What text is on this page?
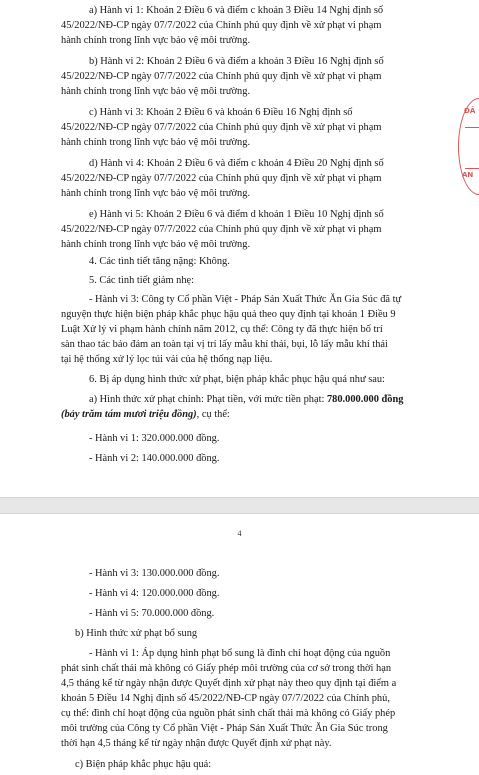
a) Hành vi 1: Khoản 2 Điều 6 và điểm c khoản 3 Điều 14 Nghị định số
45/2022/NĐ-CP ngày 07/7/2022 của Chính phủ quy định về xử phạt vi phạm
hành chính trong lĩnh vực bảo vệ môi trường.
b) Hành vi 2: Khoản 2 Điều 6 và điểm a khoản 3 Điều 16 Nghị định số
45/2022/NĐ-CP ngày 07/7/2022 của Chính phủ quy định về xử phạt vi phạm
hành chính trong lĩnh vực bảo vệ môi trường.
c) Hành vi 3: Khoản 2 Điều 6 và khoản 6 Điều 16 Nghị định số
45/2022/NĐ-CP ngày 07/7/2022 của Chính phủ quy định về xử phạt vi phạm
hành chính trong lĩnh vực bảo vệ môi trường.
d) Hành vi 4: Khoản 2 Điều 6 và điểm c khoản 4 Điều 20 Nghị định số
45/2022/NĐ-CP ngày 07/7/2022 của Chính phủ quy định về xử phạt vi phạm
hành chính trong lĩnh vực bảo vệ môi trường.
e) Hành vi 5: Khoản 2 Điều 6 và điểm d khoản 1 Điều 10 Nghị định số
45/2022/NĐ-CP ngày 07/7/2022 của Chính phủ quy định về xử phạt vi phạm
hành chính trong lĩnh vực bảo vệ môi trường.
4. Các tình tiết tăng nặng: Không.
5. Các tình tiết giảm nhẹ:
- Hành vi 3: Công ty Cổ phần Việt - Pháp Sản Xuất Thức Ăn Gia Súc đã tự
nguyện thực hiện biện pháp khắc phục hậu quả theo quy định tại khoản 1 Điều 9
Luật Xử lý vi phạm hành chính năm 2012, cụ thể: Công ty đã thực hiện bố trí
sàn thao tác bảo đảm an toàn tại vị trí lấy mẫu khí thải, bụi, lỗ lấy mẫu khí thải
tại hệ thống xử lý lọc túi vải của hệ thống nạp liệu.
6. Bị áp dụng hình thức xử phạt, biện pháp khắc phục hậu quả như sau:
a) Hình thức xử phạt chính: Phạt tiền, với mức tiền phạt: 780.000.000 đồng
(bảy trăm tám mươi triệu đồng), cụ thể:
- Hành vi 1: 320.000.000 đồng.
- Hành vi 2: 140.000.000 đồng.
ĐÃ
AN
4
- Hành vi 3: 130.000.000 đồng.
- Hành vi 4: 120.000.000 đồng.
- Hành vi 5: 70.000.000 đồng.
b) Hình thức xử phạt bổ sung
- Hành vi 1: Áp dụng hình phạt bổ sung là đình chỉ hoạt động của nguồn
phát sinh chất thải mà không có Giấy phép môi trường của cơ sở trong thời hạn
4,5 tháng kể từ ngày nhận được Quyết định xử phạt này theo quy định tại điểm a
khoản 5 Điều 14 Nghị định số 45/2022/NĐ-CP ngày 07/7/2022 của Chính phủ,
cụ thể: đình chỉ hoạt động của nguồn phát sinh chất thải mà không có Giấy phép
môi trường của Công ty Cổ phần Việt - Pháp Sản Xuất Thức Ăn Gia Súc trong
thời hạn 4,5 tháng kể từ ngày nhận được Quyết định xử phạt này.
c) Biện pháp khắc phục hậu quả:
